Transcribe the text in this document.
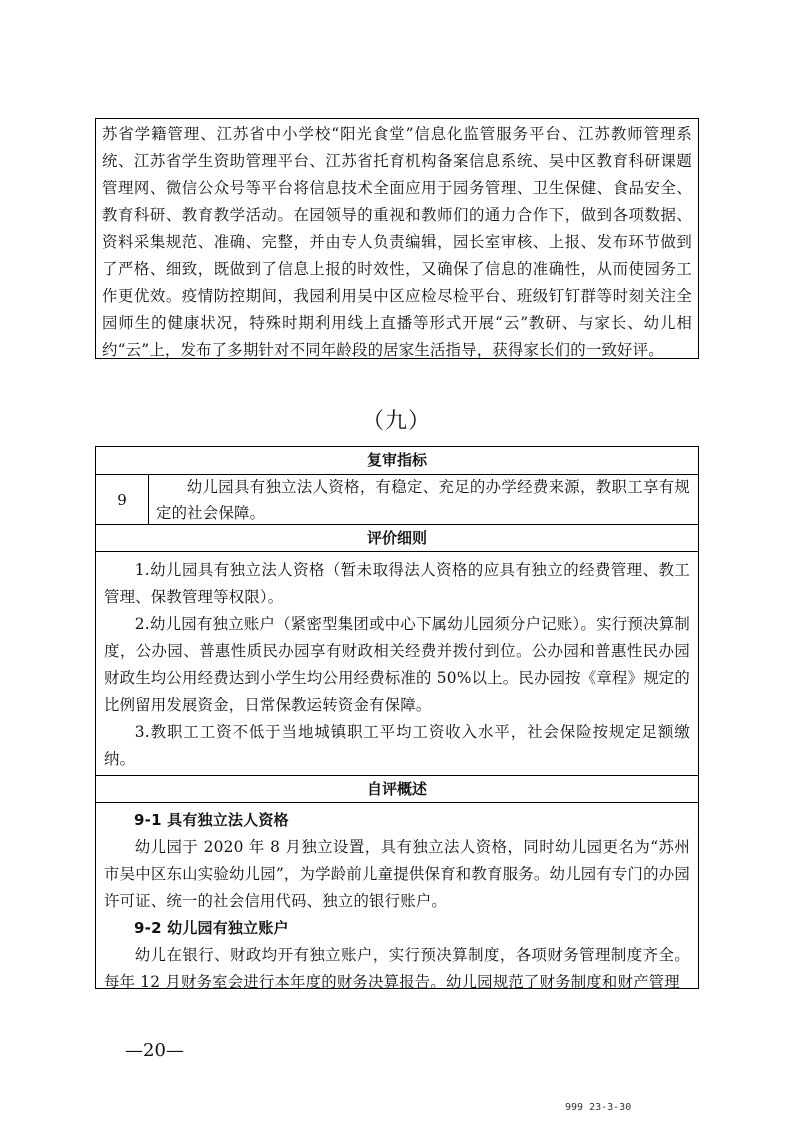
苏省学籍管理、江苏省中小学校“阳光食堂”信息化监管服务平台、江苏教师管理系统、江苏省学生资助管理平台、江苏省托育机构备案信息系统、吴中区教育科研课题管理网、微信公众号等平台将信息技术全面应用于园务管理、卫生保健、食品安全、教育科研、教育教学活动。在园领导的重视和教师们的通力合作下，做到各项数据、资料采集规范、准确、完整，并由专人负责编辑，园长室审核、上报、发布环节做到了严格、细致，既做到了信息上报的时效性，又确保了信息的准确性，从而使园务工作更优效。疫情防控期间，我园利用吴中区应检尽检平台、班级钉钉群等时刻关注全园师生的健康状况，特殊时期利用线上直播等形式开展“云”教研、与家长、幼儿相约“云”上，发布了多期针对不同年龄段的居家生活指导，获得家长们的一致好评。
（九）
复审指标
9
幼儿园具有独立法人资格，有稳定、充足的办学经费来源，教职工享有规定的社会保障。
评价细则

1.幼儿园具有独立法人资格（暂未取得法人资格的应具有独立的经费管理、教工管理、保教管理等权限）。

2.幼儿园有独立账户（紧密型集团或中心下属幼儿园须分户记账）。实行预决算制度，公办园、普惠性质民办园享有财政相关经费并拨付到位。公办园和普惠性民办园财政生均公用经费达到小学生均公用经费标准的 50%以上。民办园按《章程》规定的比例留用发展资金，日常保教运转资金有保障。

3.教职工工资不低于当地城镇职工平均工资收入水平，社会保险按规定足额缴纳。

自评概述

9-1 具有独立法人资格

幼儿园于 2020 年 8 月独立设置，具有独立法人资格，同时幼儿园更名为“苏州市吴中区东山实验幼儿园”，为学龄前儿童提供保育和教育服务。幼儿园有专门的办园许可证、统一的社会信用代码、独立的银行账户。

9-2 幼儿园有独立账户

幼儿在银行、财政均开有独立账户，实行预决算制度，各项财务管理制度齐全。每年 12 月财务室会进行本年度的财务决算报告。幼儿园规范了财务制度和财产管理

—20—
999 23-3-30
